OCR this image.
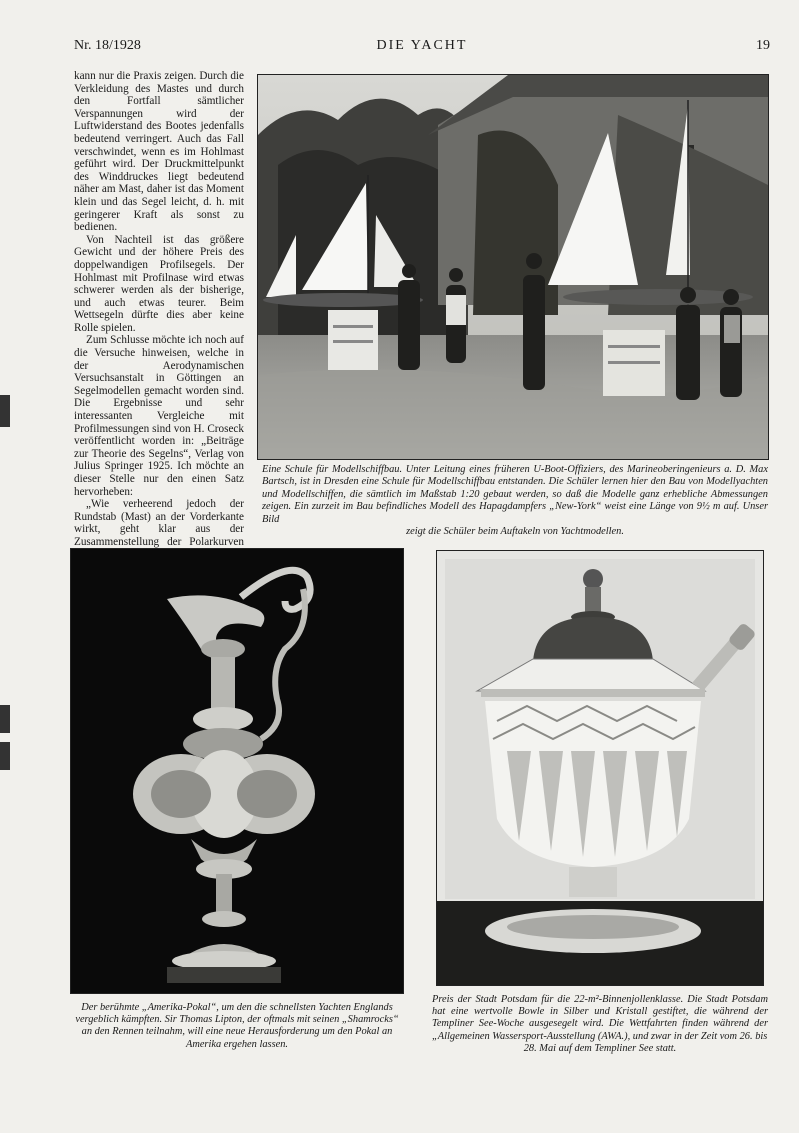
Nr. 18/1928	DIE YACHT	19

kann nur die Praxis zeigen. Durch die Verkleidung des Mastes und durch den Fortfall sämtlicher Verspannungen wird der Luftwiderstand des Bootes jedenfalls bedeutend verringert. Auch das Fall verschwindet, wenn es im Hohlmast geführt wird. Der Druckmittelpunkt des Winddruckes liegt bedeutend näher am Mast, daher ist das Moment klein und das Segel leicht, d. h. mit geringerer Kraft als sonst zu bedienen.

Von Nachteil ist das größere Gewicht und der höhere Preis des doppelwandigen Profilsegels. Der Hohlmast mit Profilnase wird etwas schwerer werden als der bisherige, und auch etwas teurer. Beim Wettsegeln dürfte dies aber keine Rolle spielen.

Zum Schlusse möchte ich noch auf die Versuche hinweisen, welche in der Aerodynamischen Versuchsanstalt in Göttingen an Segelmodellen gemacht worden sind. Die Ergebnisse und sehr interessanten Vergleiche mit Profilmessungen sind von H. Croseck veröffentlicht worden in: „Beiträge zur Theorie des Segelns“, Verlag von Julius Springer 1925. Ich möchte an dieser Stelle nur den einen Satz hervorheben:

„Wie verheerend jedoch der Rundstab (Mast) an der Vorderkante wirkt, geht klar aus der Zusammenstellung der Polarkurven

Eine Schule für Modellschiffbau. Unter Leitung eines früheren U-Boot-Offiziers, des Marineoberingenieurs a. D. Max Bartsch, ist in Dresden eine Schule für Modellschiffbau entstanden. Die Schüler lernen hier den Bau von Modellyachten und Modellschiffen, die sämtlich im Maßstab 1:20 gebaut werden, so daß die Modelle ganz erhebliche Abmessungen zeigen. Ein zurzeit im Bau befindliches Modell des Hapagdampfers „New-York“ weist eine Länge von 9½ m auf. Unser Bild
zeigt die Schüler beim Auftakeln von Yachtmodellen.
Der berühmte „Amerika-Pokal“, um den die schnellsten Yachten Englands vergeblich kämpften. Sir Thomas Lipton, der oftmals mit seinen „Shamrocks“ an den Rennen teilnahm, will eine neue Herausforderung um den Pokal an Amerika ergehen lassen.
Preis der Stadt Potsdam für die 22-m²-Binnenjollenklasse. Die Stadt Potsdam hat eine wertvolle Bowle in Silber und Kristall gestiftet, die während der Templiner See-Woche ausgesegelt wird. Die Wettfahrten finden während der „Allgemeinen Wassersport-Ausstellung (AWA.), und zwar in der Zeit vom 26. bis
28. Mai auf dem Templiner See statt.
